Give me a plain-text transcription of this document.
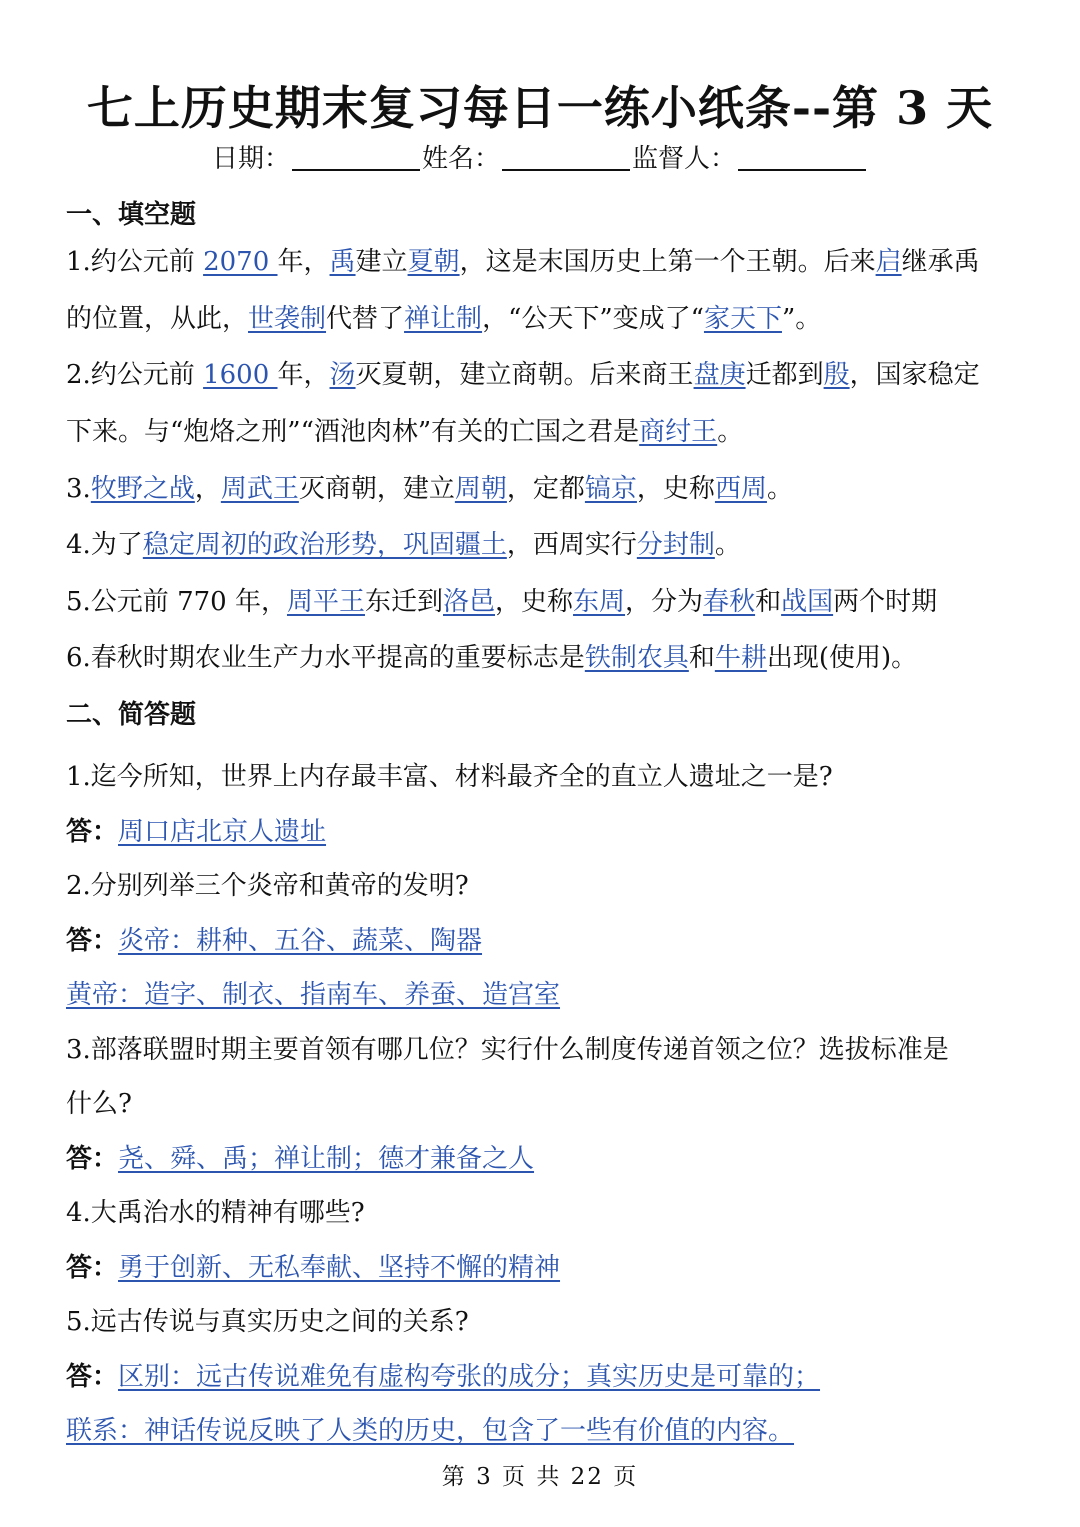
七上历史期末复习每日一练小纸条--第 3 天
日期：	姓名：	监督人：
一、填空题
1.约公元前 2070 年，禹建立夏朝，这是末国历史上第一个王朝。后来启继承禹
的位置，从此，世袭制代替了禅让制，“公天下”变成了“家天下”。
2.约公元前 1600 年，汤灭夏朝，建立商朝。后来商王盘庚迁都到殷，国家稳定
下来。与“炮烙之刑”“酒池肉林”有关的亡国之君是商纣王。
3.牧野之战，周武王灭商朝，建立周朝，定都镐京，史称西周。
4.为了稳定周初的政治形势，巩固疆土，西周实行分封制。
5.公元前 770 年，周平王东迁到洛邑，史称东周，分为春秋和战国两个时期
6.春秋时期农业生产力水平提高的重要标志是铁制农具和牛耕出现(使用)。
二、简答题
1.迄今所知，世界上内存最丰富、材料最齐全的直立人遗址之一是?
答：周口店北京人遗址
2.分别列举三个炎帝和黄帝的发明?
答：炎帝：耕种、五谷、蔬菜、陶器
黄帝：造字、制衣、指南车、养蚕、造宫室
3.部落联盟时期主要首领有哪几位？实行什么制度传递首领之位？选拔标准是
什么?
答：尧、舜、禹；禅让制；德才兼备之人
4.大禹治水的精神有哪些?
答：勇于创新、无私奉献、坚持不懈的精神
5.远古传说与真实历史之间的关系?
答：区别：远古传说难免有虚构夸张的成分；真实历史是可靠的；
联系：神话传说反映了人类的历史，包含了一些有价值的内容。
第 3 页 共 22 页
